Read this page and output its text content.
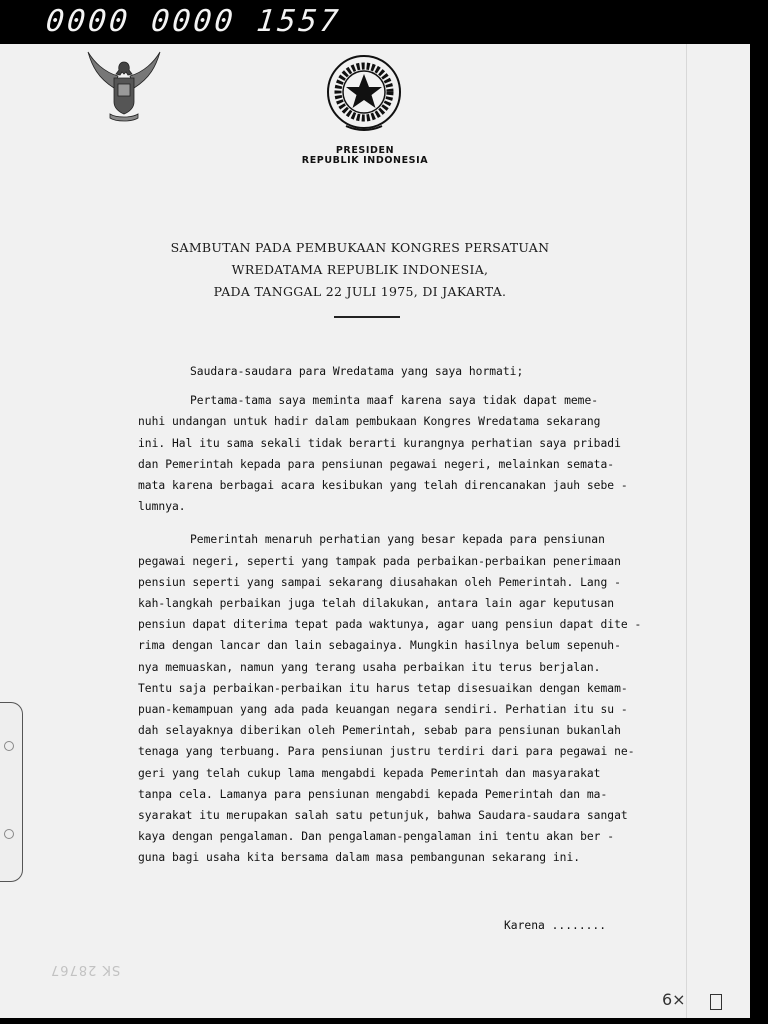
0000 0000 1557
PRESIDEN
REPUBLIK INDONESIA
SAMBUTAN PADA PEMBUKAAN KONGRES PERSATUAN
WREDATAMA REPUBLIK INDONESIA,
PADA TANGGAL 22 JULI 1975, DI JAKARTA.
Saudara-saudara para Wredatama yang saya hormati;
Pertama-tama saya meminta maaf karena saya tidak dapat meme-
nuhi undangan untuk hadir dalam pembukaan Kongres Wredatama sekarang
ini. Hal itu sama sekali tidak berarti kurangnya perhatian saya pribadi
dan Pemerintah kepada para pensiunan pegawai negeri, melainkan semata-
mata karena berbagai acara kesibukan yang telah direncanakan jauh sebe -
lumnya.
Pemerintah menaruh perhatian yang besar kepada para pensiunan
pegawai negeri, seperti yang tampak pada perbaikan-perbaikan penerimaan
pensiun seperti yang sampai sekarang diusahakan oleh Pemerintah. Lang -
kah-langkah perbaikan juga telah dilakukan, antara lain agar keputusan
pensiun dapat diterima tepat pada waktunya, agar uang pensiun dapat dite -
rima dengan lancar dan lain sebagainya. Mungkin hasilnya belum sepenuh-
nya memuaskan, namun yang terang usaha perbaikan itu terus berjalan.
Tentu saja perbaikan-perbaikan itu harus tetap disesuaikan dengan kemam-
puan-kemampuan yang ada pada keuangan negara sendiri. Perhatian itu su -
dah selayaknya diberikan oleh Pemerintah, sebab para pensiunan bukanlah
tenaga yang terbuang. Para pensiunan justru terdiri dari para pegawai ne-
geri yang telah cukup lama mengabdi kepada Pemerintah dan masyarakat
tanpa cela. Lamanya para pensiunan mengabdi kepada Pemerintah dan ma-
syarakat itu merupakan salah satu petunjuk, bahwa Saudara-saudara sangat
kaya dengan pengalaman. Dan pengalaman-pengalaman ini tentu akan ber -
guna bagi usaha kita bersama dalam masa pembangunan sekarang ini.
Karena ........
SK 28767
6×
